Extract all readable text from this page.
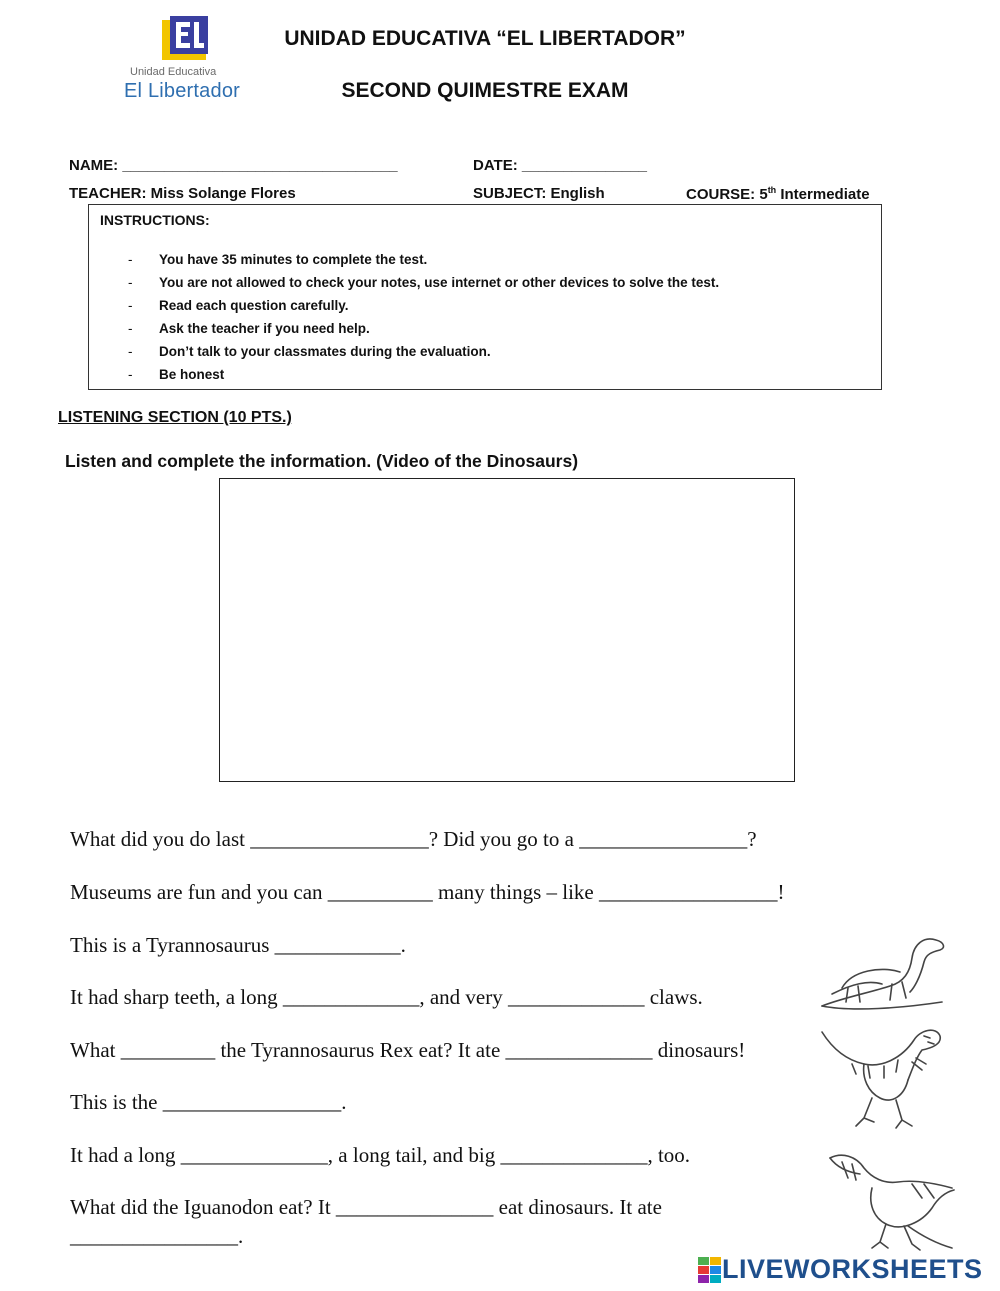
Unidad Educativa
El Libertador
UNIDAD EDUCATIVA “EL LIBERTADOR”
SECOND QUIMESTRE EXAM
NAME: _________________________________	DATE: _______________
TEACHER: Miss Solange Flores	SUBJECT: English	COURSE: 5th Intermediate
INSTRUCTIONS:
- You have 35 minutes to complete the test.
- You are not allowed to check your notes, use internet or other devices to solve the test.
- Read each question carefully.
- Ask the teacher if you need help.
- Don’t talk to your classmates during the evaluation.
- Be honest
LISTENING SECTION (10 PTS.)
Listen and complete the information. (Video of the Dinosaurs)
What did you do last _________________? Did you go to a ________________?
Museums are fun and you can __________ many things – like _________________!
This is a Tyrannosaurus ____________.
It had sharp teeth, a long _____________, and very _____________ claws.
What _________ the Tyrannosaurus Rex eat? It ate ______________ dinosaurs!
This is the _________________.
It had a long ______________, a long tail, and big ______________, too.
What did the Iguanodon eat? It _______________ eat dinosaurs. It ate
________________.
LIVEWORKSHEETS
